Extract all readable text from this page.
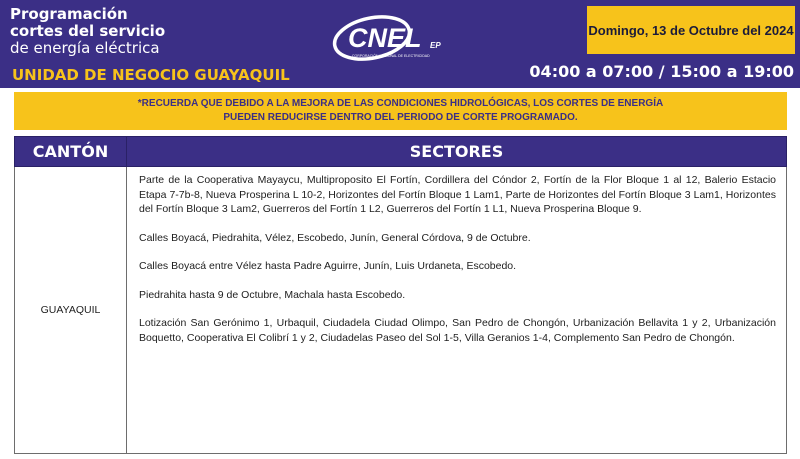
Programación
cortes del servicio
de energía eléctrica
UNIDAD DE NEGOCIO GUAYAQUIL
CNEL EP
CORPORACIÓN NACIONAL DE ELECTRICIDAD
Domingo, 13 de Octubre del 2024
04:00 a 07:00 / 15:00 a 19:00
*RECUERDA QUE DEBIDO A LA MEJORA DE LAS CONDICIONES HIDROLÓGICAS, LOS CORTES DE ENERGÍA
PUEDEN REDUCIRSE DENTRO DEL PERIODO DE CORTE PROGRAMADO.
CANTÓN	SECTORES
GUAYAQUIL	Parte de la Cooperativa Mayaycu, Multiproposito El Fortín, Cordillera del Cóndor 2, Fortín de la Flor Bloque 1 al 12, Balerio Estacio Etapa 7-7b-8, Nueva Prosperina L 10-2, Horizontes del Fortín Bloque 1 Lam1, Parte de Horizontes del Fortín Bloque 3 Lam1, Horizontes del Fortín Bloque 3 Lam2, Guerreros del Fortín 1 L2, Guerreros del Fortín 1 L1, Nueva Prosperina Bloque 9.

Calles Boyacá, Piedrahita, Vélez, Escobedo, Junín, General Córdova, 9 de Octubre.

Calles Boyacá entre Vélez hasta Padre Aguirre, Junín, Luis Urdaneta, Escobedo.

Piedrahita hasta 9 de Octubre, Machala hasta Escobedo.

Lotización San Gerónimo 1, Urbaquil, Ciudadela Ciudad Olimpo, San Pedro de Chongón, Urbanización Bellavita 1 y 2, Urbanización Boquetto, Cooperativa El Colibrí 1 y 2, Ciudadelas Paseo del Sol 1-5, Villa Geranios 1-4, Complemento San Pedro de Chongón.
